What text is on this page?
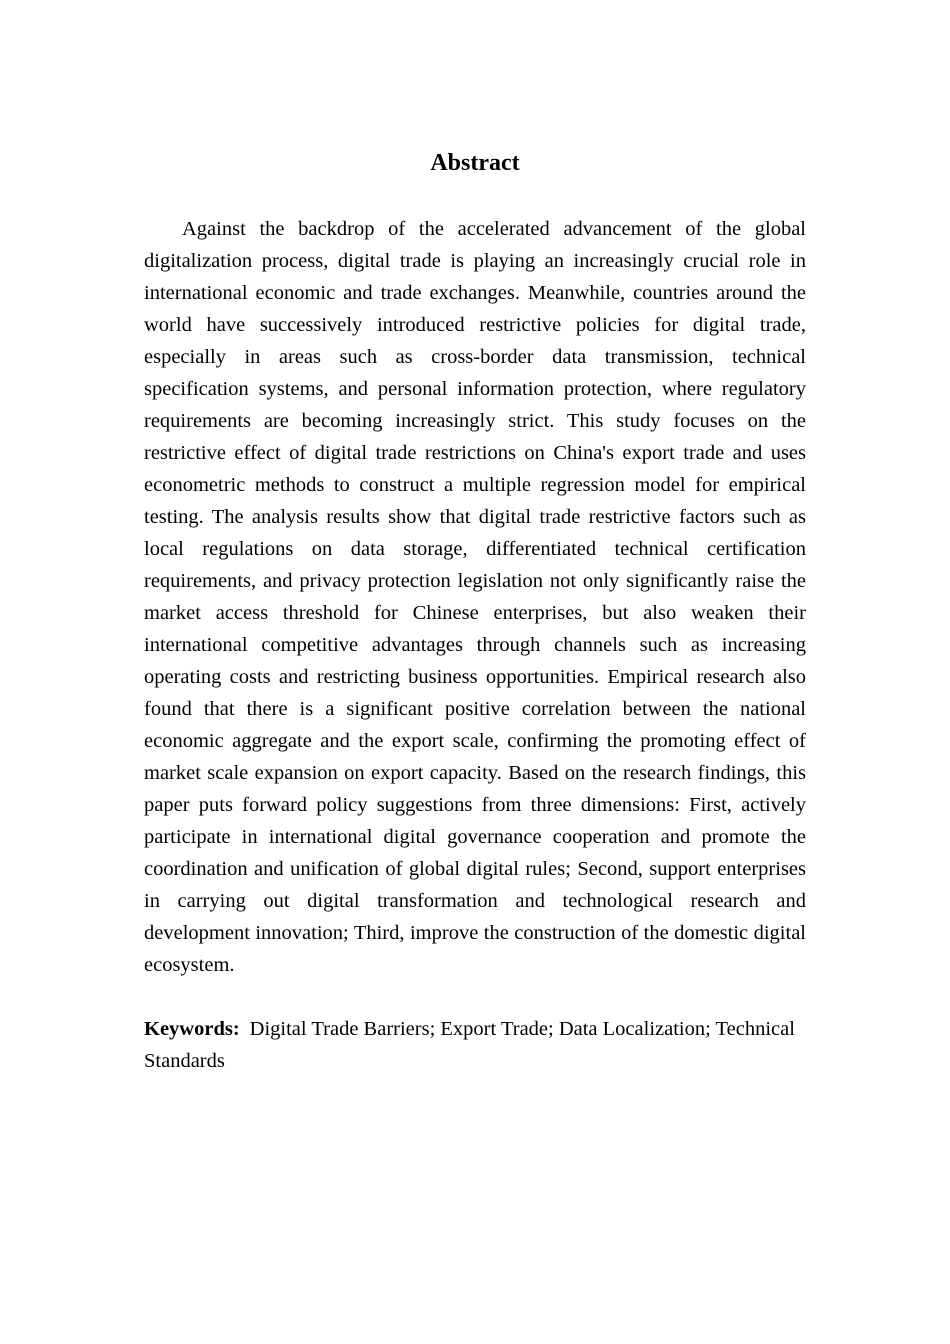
Abstract

Against the backdrop of the accelerated advancement of the global digitalization process, digital trade is playing an increasingly crucial role in international economic and trade exchanges. Meanwhile, countries around the world have successively introduced restrictive policies for digital trade, especially in areas such as cross-border data transmission, technical specification systems, and personal information protection, where regulatory requirements are becoming increasingly strict. This study focuses on the restrictive effect of digital trade restrictions on China's export trade and uses econometric methods to construct a multiple regression model for empirical testing. The analysis results show that digital trade restrictive factors such as local regulations on data storage, differentiated technical certification requirements, and privacy protection legislation not only significantly raise the market access threshold for Chinese enterprises, but also weaken their international competitive advantages through channels such as increasing operating costs and restricting business opportunities. Empirical research also found that there is a significant positive correlation between the national economic aggregate and the export scale, confirming the promoting effect of market scale expansion on export capacity. Based on the research findings, this paper puts forward policy suggestions from three dimensions: First, actively participate in international digital governance cooperation and promote the coordination and unification of global digital rules; Second, support enterprises in carrying out digital transformation and technological research and development innovation; Third, improve the construction of the domestic digital ecosystem.

Keywords: Digital Trade Barriers; Export Trade; Data Localization; Technical Standards
